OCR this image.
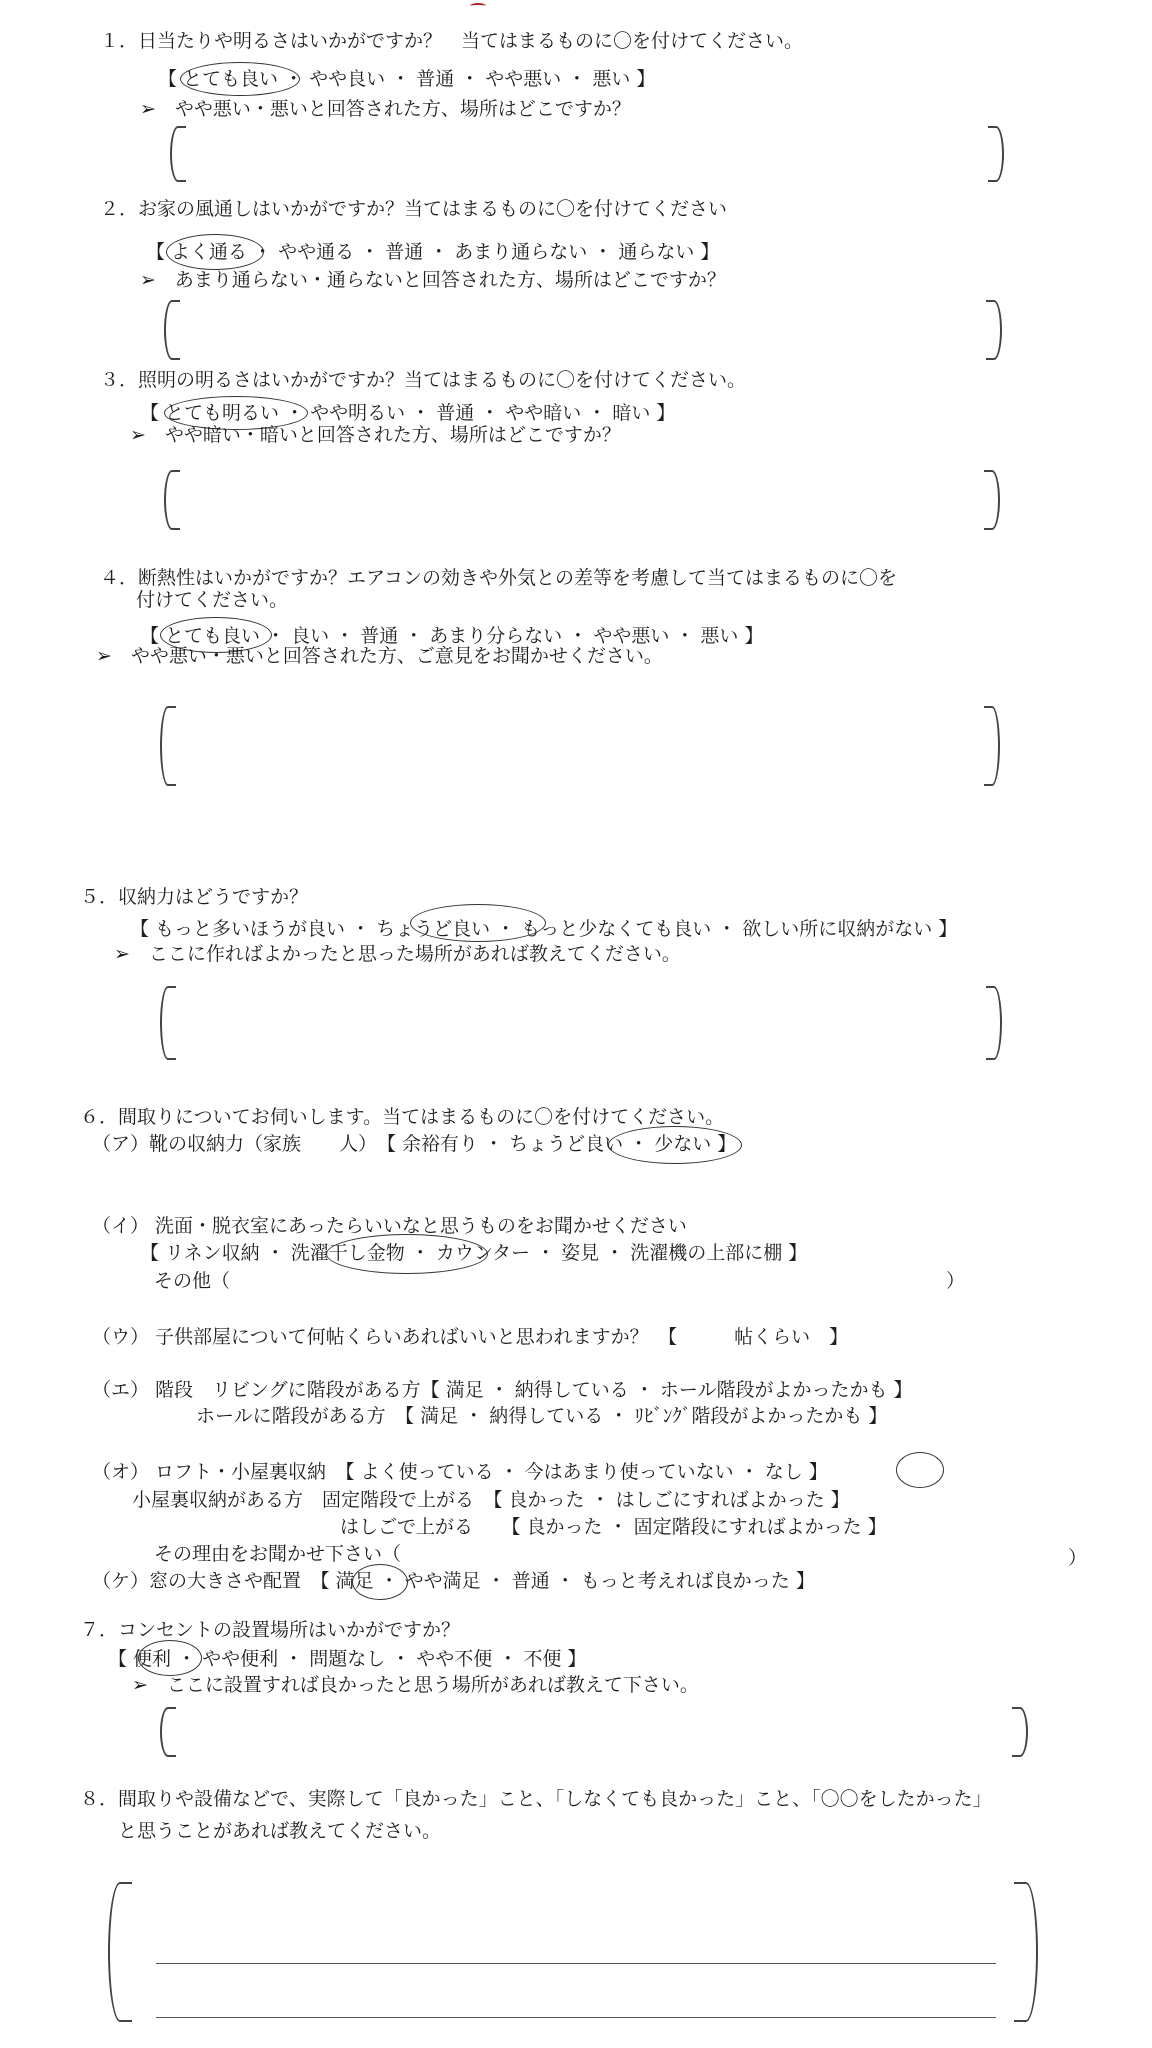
１．日当たりや明るさはいかがですか？　当てはまるものに〇を付けてください。
【 とても良い ・ やや良い ・ 普通 ・ やや悪い ・ 悪い 】
➢　やや悪い・悪いと回答された方、場所はどこですか？
２．お家の風通しはいかがですか？当てはまるものに〇を付けてください
【 よく通る ・ やや通る ・ 普通 ・ あまり通らない ・ 通らない 】
➢　あまり通らない・通らないと回答された方、場所はどこですか？
３．照明の明るさはいかがですか？当てはまるものに〇を付けてください。
【 とても明るい ・ やや明るい ・ 普通 ・ やや暗い ・ 暗い 】
➢　やや暗い・暗いと回答された方、場所はどこですか？
４．断熱性はいかがですか？エアコンの効きや外気との差等を考慮して当てはまるものに〇を
付けてください。
【 とても良い ・ 良い ・ 普通 ・ あまり分らない ・ やや悪い ・ 悪い 】
➢　やや悪い・悪いと回答された方、ご意見をお聞かせください。
５．収納力はどうですか？
【 もっと多いほうが良い ・ ちょうど良い ・ もっと少なくても良い ・ 欲しい所に収納がない 】
➢　ここに作ればよかったと思った場所があれば教えてください。
６．間取りについてお伺いします。当てはまるものに〇を付けてください。
（ア）靴の収納力（家族　　人）　【 余裕有り ・ ちょうど良い ・ 少ない 】
（イ） 洗面・脱衣室にあったらいいなと思うものをお聞かせください
【 リネン収納 ・ 洗濯干し金物 ・ カウンター ・ 姿見 ・ 洗濯機の上部に棚 】
その他（	）
（ウ） 子供部屋について何帖くらいあればいいと思われますか？　【　　　帖くらい　】
（エ） 階段　リビングに階段がある方【 満足 ・ 納得している ・ ホール階段がよかったかも 】
ホールに階段がある方　【 満足 ・ 納得している ・ ﾘﾋﾞﾝｸﾞ階段がよかったかも 】
（オ） ロフト・小屋裏収納　【 よく使っている ・ 今はあまり使っていない ・ なし 】
小屋裏収納がある方　固定階段で上がる　【 良かった ・ はしごにすればよかった 】
はしごで上がる　　【 良かった ・ 固定階段にすればよかった 】
その理由をお聞かせ下さい（	）
（ケ）窓の大きさや配置　【 満足 ・ やや満足 ・ 普通 ・ もっと考えれば良かった 】
７．コンセントの設置場所はいかがですか？
【 便利 ・ やや便利 ・ 問題なし ・ やや不便 ・ 不便 】
➢　ここに設置すれば良かったと思う場所があれば教えて下さい。
８．間取りや設備などで、実際して「良かった」こと、「しなくても良かった」こと、「〇〇をしたかった」
と思うことがあれば教えてください。
